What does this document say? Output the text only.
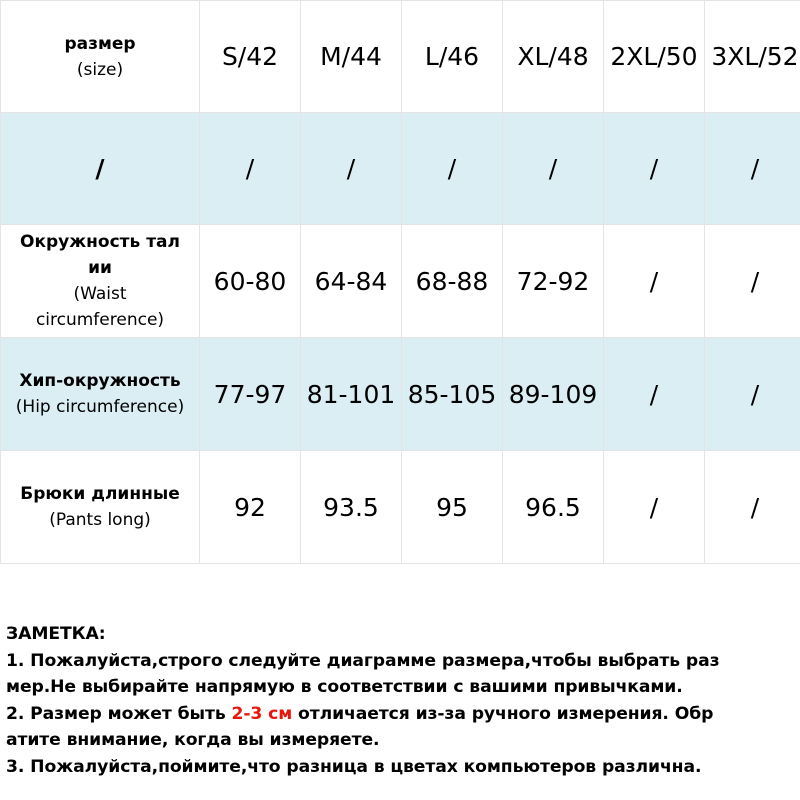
размер
(size)	S/42	M/44	L/46	XL/48	2XL/50	3XL/52
/	/	/	/	/	/	/

Окружность тал
ии
(Waist
circumference)	60-80	64-84	68-88	72-92	/	/

Хип-окружность
(Hip circumference)	77-97	81-101	85-105	89-109	/	/

Брюки длинные
(Pants long)	92	93.5	95	96.5	/	/
ЗАМЕТКА:
1. Пожалуйста,строго следуйте диаграмме размера,чтобы выбрать раз
мер.Не выбирайте напрямую в соответствии с вашими привычками.
2. Размер может быть 2-3 см отличается из-за ручного измерения. Обр
атите внимание, когда вы измеряете.
3. Пожалуйста,поймите,что разница в цветах компьютеров различна.
